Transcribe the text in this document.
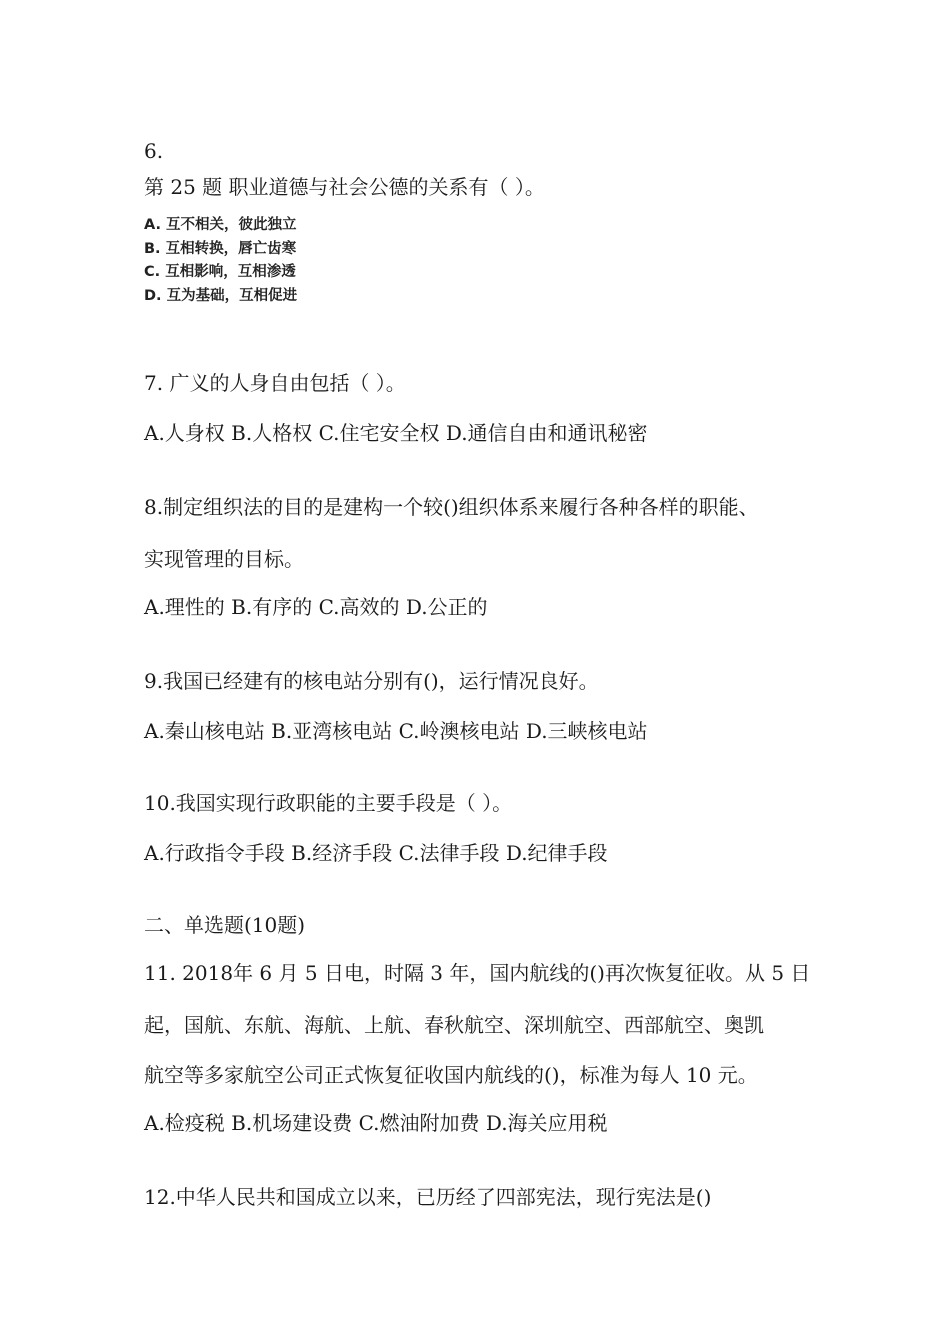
6.
第 25 题 职业道德与社会公德的关系有（ ）。
A. 互不相关，彼此独立
B. 互相转换，唇亡齿寒
C. 互相影响，互相渗透
D. 互为基础，互相促进
7. 广义的人身自由包括（ ）。
A.人身权 B.人格权 C.住宅安全权 D.通信自由和通讯秘密
8.制定组织法的目的是建构一个较()组织体系来履行各种各样的职能、
实现管理的目标。
A.理性的 B.有序的 C.高效的 D.公正的
9.我国已经建有的核电站分别有()，运行情况良好。
A.秦山核电站 B.亚湾核电站 C.岭澳核电站 D.三峡核电站
10.我国实现行政职能的主要手段是（ ）。
A.行政指令手段 B.经济手段 C.法律手段 D.纪律手段
二、单选题(10题)
11. 2018年 6 月 5 日电，时隔 3 年，国内航线的()再次恢复征收。从 5 日
起，国航、东航、海航、上航、春秋航空、深圳航空、西部航空、奥凯
航空等多家航空公司正式恢复征收国内航线的()，标准为每人 10 元。
A.检疫税 B.机场建设费 C.燃油附加费 D.海关应用税
12.中华人民共和国成立以来，已历经了四部宪法，现行宪法是()
